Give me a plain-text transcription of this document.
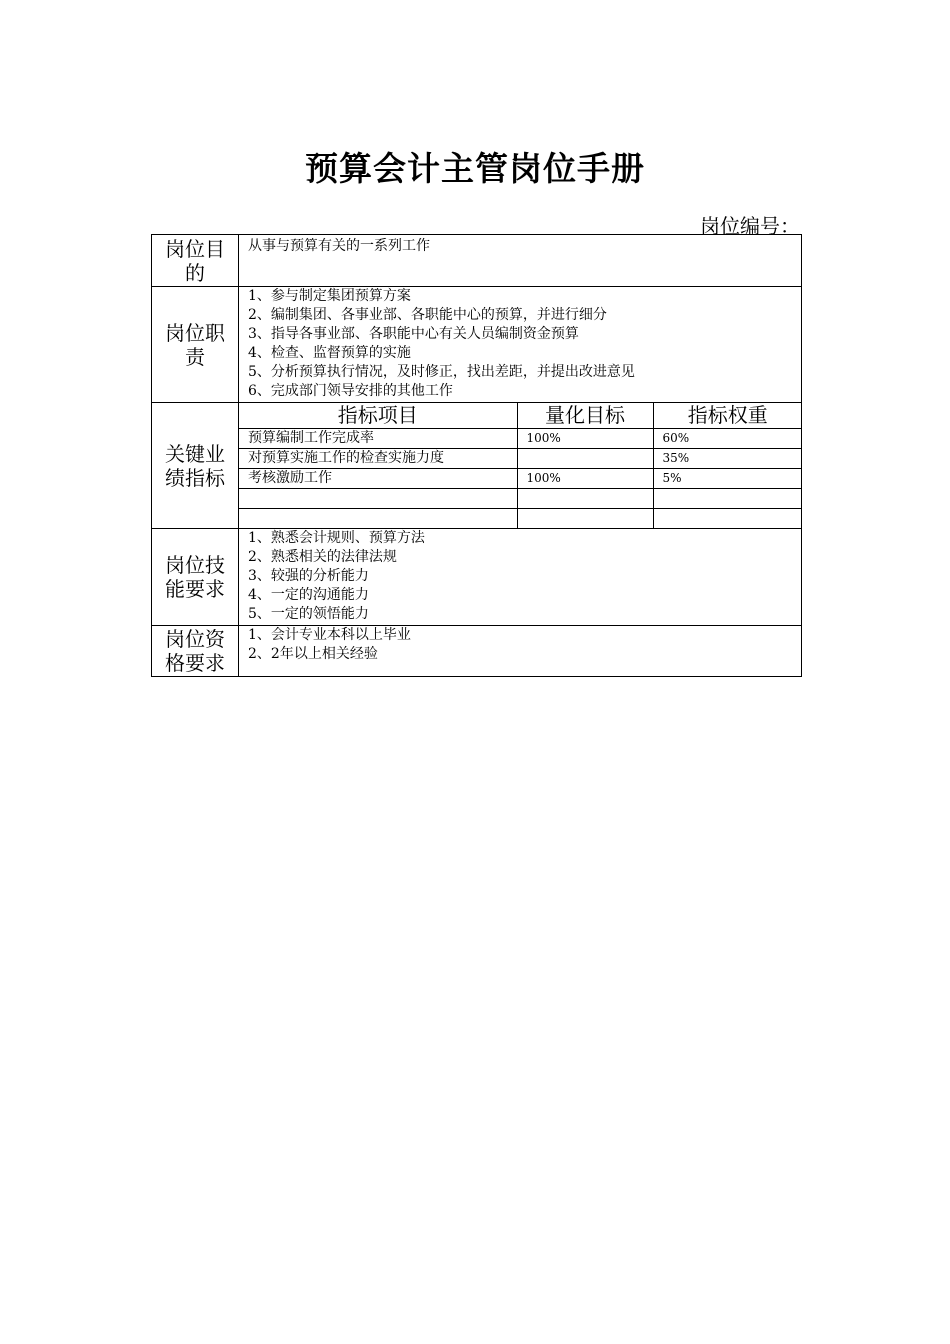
预算会计主管岗位手册
岗位编号：
岗位目的	从事与预算有关的一系列工作
岗位职责	
1、参与制定集团预算方案
2、编制集团、各事业部、各职能中心的预算，并进行细分
3、指导各事业部、各职能中心有关人员编制资金预算
4、检查、监督预算的实施
5、分析预算执行情况，及时修正，找出差距，并提出改进意见
6、完成部门领导安排的其他工作

关键业绩指标	
指标项目	量化目标	指标权重
预算编制工作完成率	100%	60%
对预算实施工作的检查实施力度		35%
考核激励工作	100%	5%

岗位技能要求	
1、熟悉会计规则、预算方法
2、熟悉相关的法律法规
3、较强的分析能力
4、一定的沟通能力
5、一定的领悟能力

岗位资格要求	
1、会计专业本科以上毕业
2、2年以上相关经验
